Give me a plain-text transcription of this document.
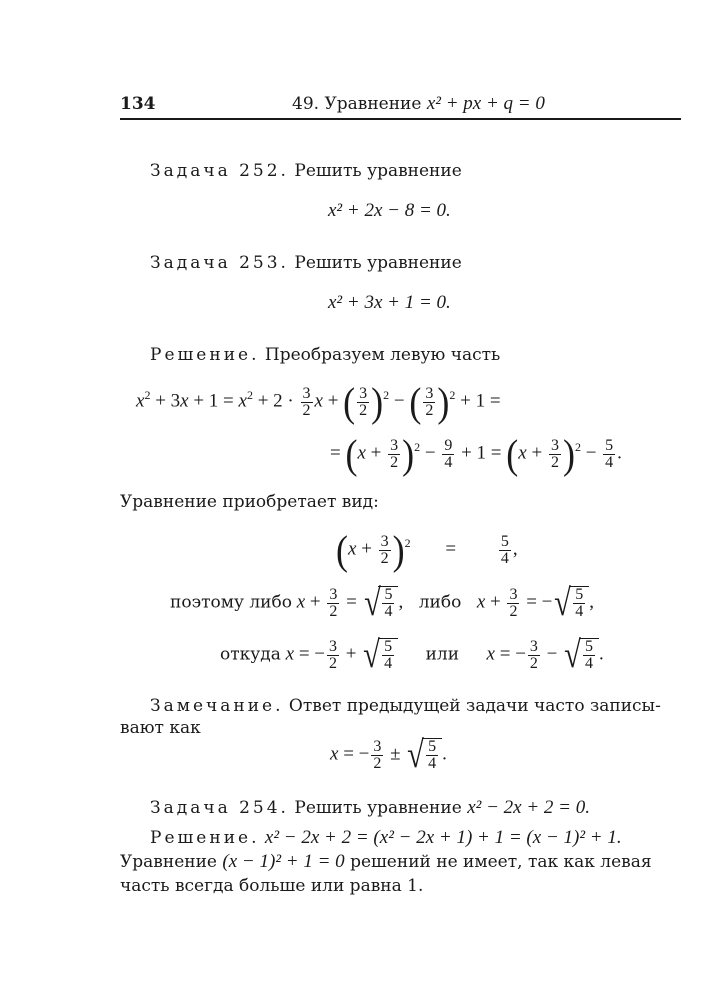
134	49. Уравнение x² + px + q = 0
Задача 252. Решить уравнение
x² + 2x − 8 = 0.
Задача 253. Решить уравнение
x² + 3x + 1 = 0.
Решение. Преобразуем левую часть
$x^2 + 3x + 1 = x^2 + 2 \cdot \frac{3}{2}$ x + ( $\frac{3}{2} )^2$ − ( $\frac{3}{2} )^2 + 1$ =
= $(x + \frac{3}{2} )^2 - \frac{9}{4} + 1 = (x + \frac{3}{2} )^2 - \frac{5}{4}$ .
Уравнение приобретает вид:
$(x + \frac{3}{2} )^2$ =	$\frac{5}{4}$ ,
поэтому либо $x + \frac{3}{2}$ = √ $\frac{5}{4}$ ,  либо $x + \frac{3}{2}$ = −√ $\frac{5}{4}$ ,
откуда x = − $\frac{3}{2}$ + √ $\frac{5}{4}$ или x = − $\frac{3}{2}$ − √ $\frac{5}{4}$ .
Замечание. Ответ предыдущей задачи часто записы-
вают как
x = − $\frac{3}{2}$ ± √ $\frac{5}{4}$ .
Задача 254. Решить уравнение x² − 2x + 2 = 0.
Решение. x² − 2x + 2 = (x² − 2x + 1) + 1 = (x − 1)² + 1.
Уравнение (x − 1)² + 1 = 0 решений не имеет, так как левая
часть всегда больше или равна 1.
